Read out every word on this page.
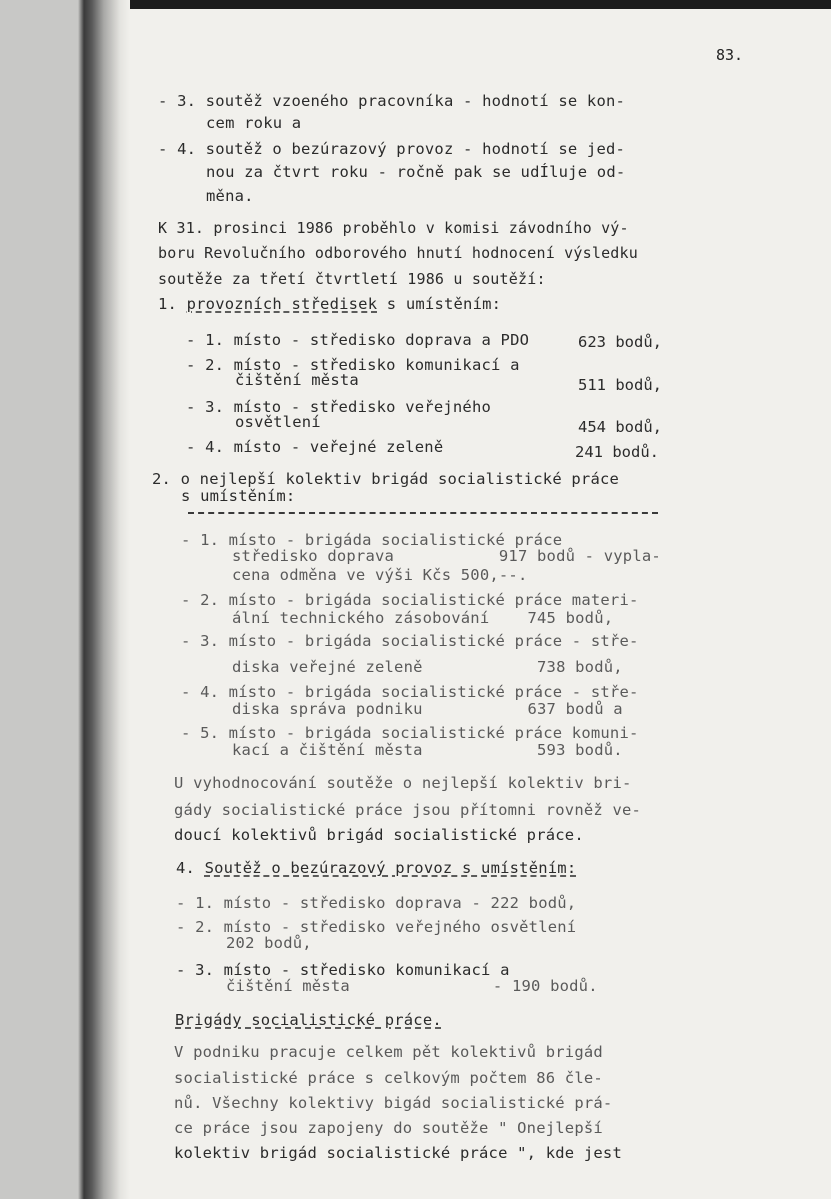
83.
- 3. soutěž vzoeného pracovníka - hodnotí se kon-
cem roku a
- 4. soutěž o bezúrazový provoz - hodnotí se jed-
nou za čtvrt roku - ročně pak se udÍluje od-
měna.
K 31. prosinci 1986 proběhlo v komisi závodního vý-
boru Revolučního odborového hnutí hodnocení výsledku
soutěže za třetí čtvrtletí 1986 u soutěží:
1. provozních středisek s umístěním:
- 1. místo - středisko doprava a PDO	623 bodů,
- 2. místo - středisko komunikací a
čištění města	511 bodů,
- 3. místo - středisko veřejného
osvětlení	454 bodů,
- 4. místo - veřejné zeleně	241 bodů.
2. o nejlepší kolektiv brigád socialistické práce
s umístěním:
- 1. místo - brigáda socialistické práce
středisko doprava           917 bodů - vypla-
cena odměna ve výši Kčs 500,--.
- 2. místo - brigáda socialistické práce materi-
ální technického zásobování    745 bodů,
- 3. místo - brigáda socialistické práce - stře-
diska veřejné zeleně            738 bodů,
- 4. místo - brigáda socialistické práce - stře-
diska správa podniku           637 bodů a
- 5. místo - brigáda socialistické práce komuni-
kací a čištění města            593 bodů.
U vyhodnocování soutěže o nejlepší kolektiv bri-
gády socialistické práce jsou přítomni rovněž ve-
doucí kolektivů brigád socialistické práce.
4. Soutěž o bezúrazový provoz s umístěním:
- 1. místo - středisko doprava - 222 bodů,
- 2. místo - středisko veřejného osvětlení
202 bodů,
- 3. místo - středisko komunikací a
čištění města               - 190 bodů.
Brigády socialistické práce.
V podniku pracuje celkem pět kolektivů brigád
socialistické práce s celkovým počtem 86 čle-
nů. Všechny kolektivy bigád socialistické prá-
ce práce jsou zapojeny do soutěže " Onejlepší
kolektiv brigád socialistické práce ", kde jest
